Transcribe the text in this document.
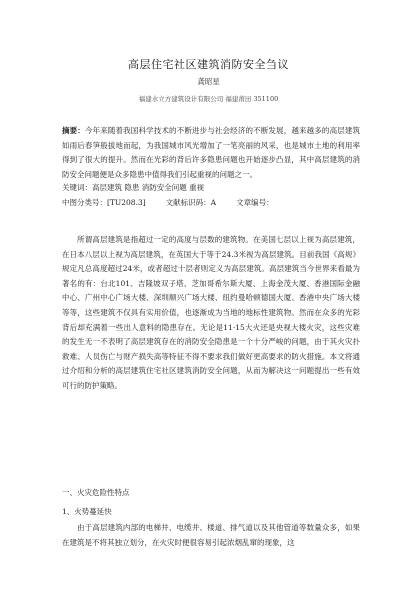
高层住宅社区建筑消防安全刍议
龚昭星
福建水立方建筑设计有限公司 福建莆田 351100

摘要：今年来随着我国科学技术的不断进步与社会经济的不断发展，越来越多的高层建筑如雨后春笋般拔地而起，为我国城市风光增加了一笔亮丽的风采，也是城市土地的利用率得到了很大的提升。然而在光彩的背后许多隐患问题也开始逐步凸显，其中高层建筑的消防安全问题便是众多隐患中值得我们引起重视的问题之一。

关键词：高层建筑 隐患 消防安全问题 重视

中图分类号：[TU208.3]	文献标识码：A	文章编号：

所谓高层建筑是指超过一定的高度与层数的建筑物。在美国七层以上视为高层建筑，在日本八层以上视为高层建筑，在英国大于等于24.3米视为高层建筑。目前我国《高规》规定凡总高度超过24米，或者超过十层者则定义为高层建筑。高层建筑当今世界来看最为著名的有：台北101、吉隆坡双子塔、芝加哥希尔斯大厦、上海金茂大厦、香港国际金融中心、广州中心广场大楼、深圳顺兴广场大楼、纽约曼哈顿德国大厦、香港中央广场大楼等等，这些建筑不仅具有实用价值，也逐渐成为当地的地标性建筑物。然而在众多的光彩背后却充满着一些出人意料的隐患存在。无论是11·15大火还是央视大楼火灾，这些灾难的发生无一不表明了高层建筑存在的消防安全隐患是一个十分严峻的问题，由于其火灾扑救难、人员伤亡与财产损失高等特征不得不要求我们做好更高要求的防火措施。本文将通过介绍和分析的高层建筑住宅社区建筑消防安全问题，从而为解决这一问题提出一些有效可行的防护策略。

一、火灾危险性特点

1、火势蔓延快

由于高层建筑内部的电梯井、电缆井、楼道、排气道以及其他管道等数量众多，如果在建筑是不将其独立划分，在火灾时便很容易引起浓烟乱窜的现象，这
